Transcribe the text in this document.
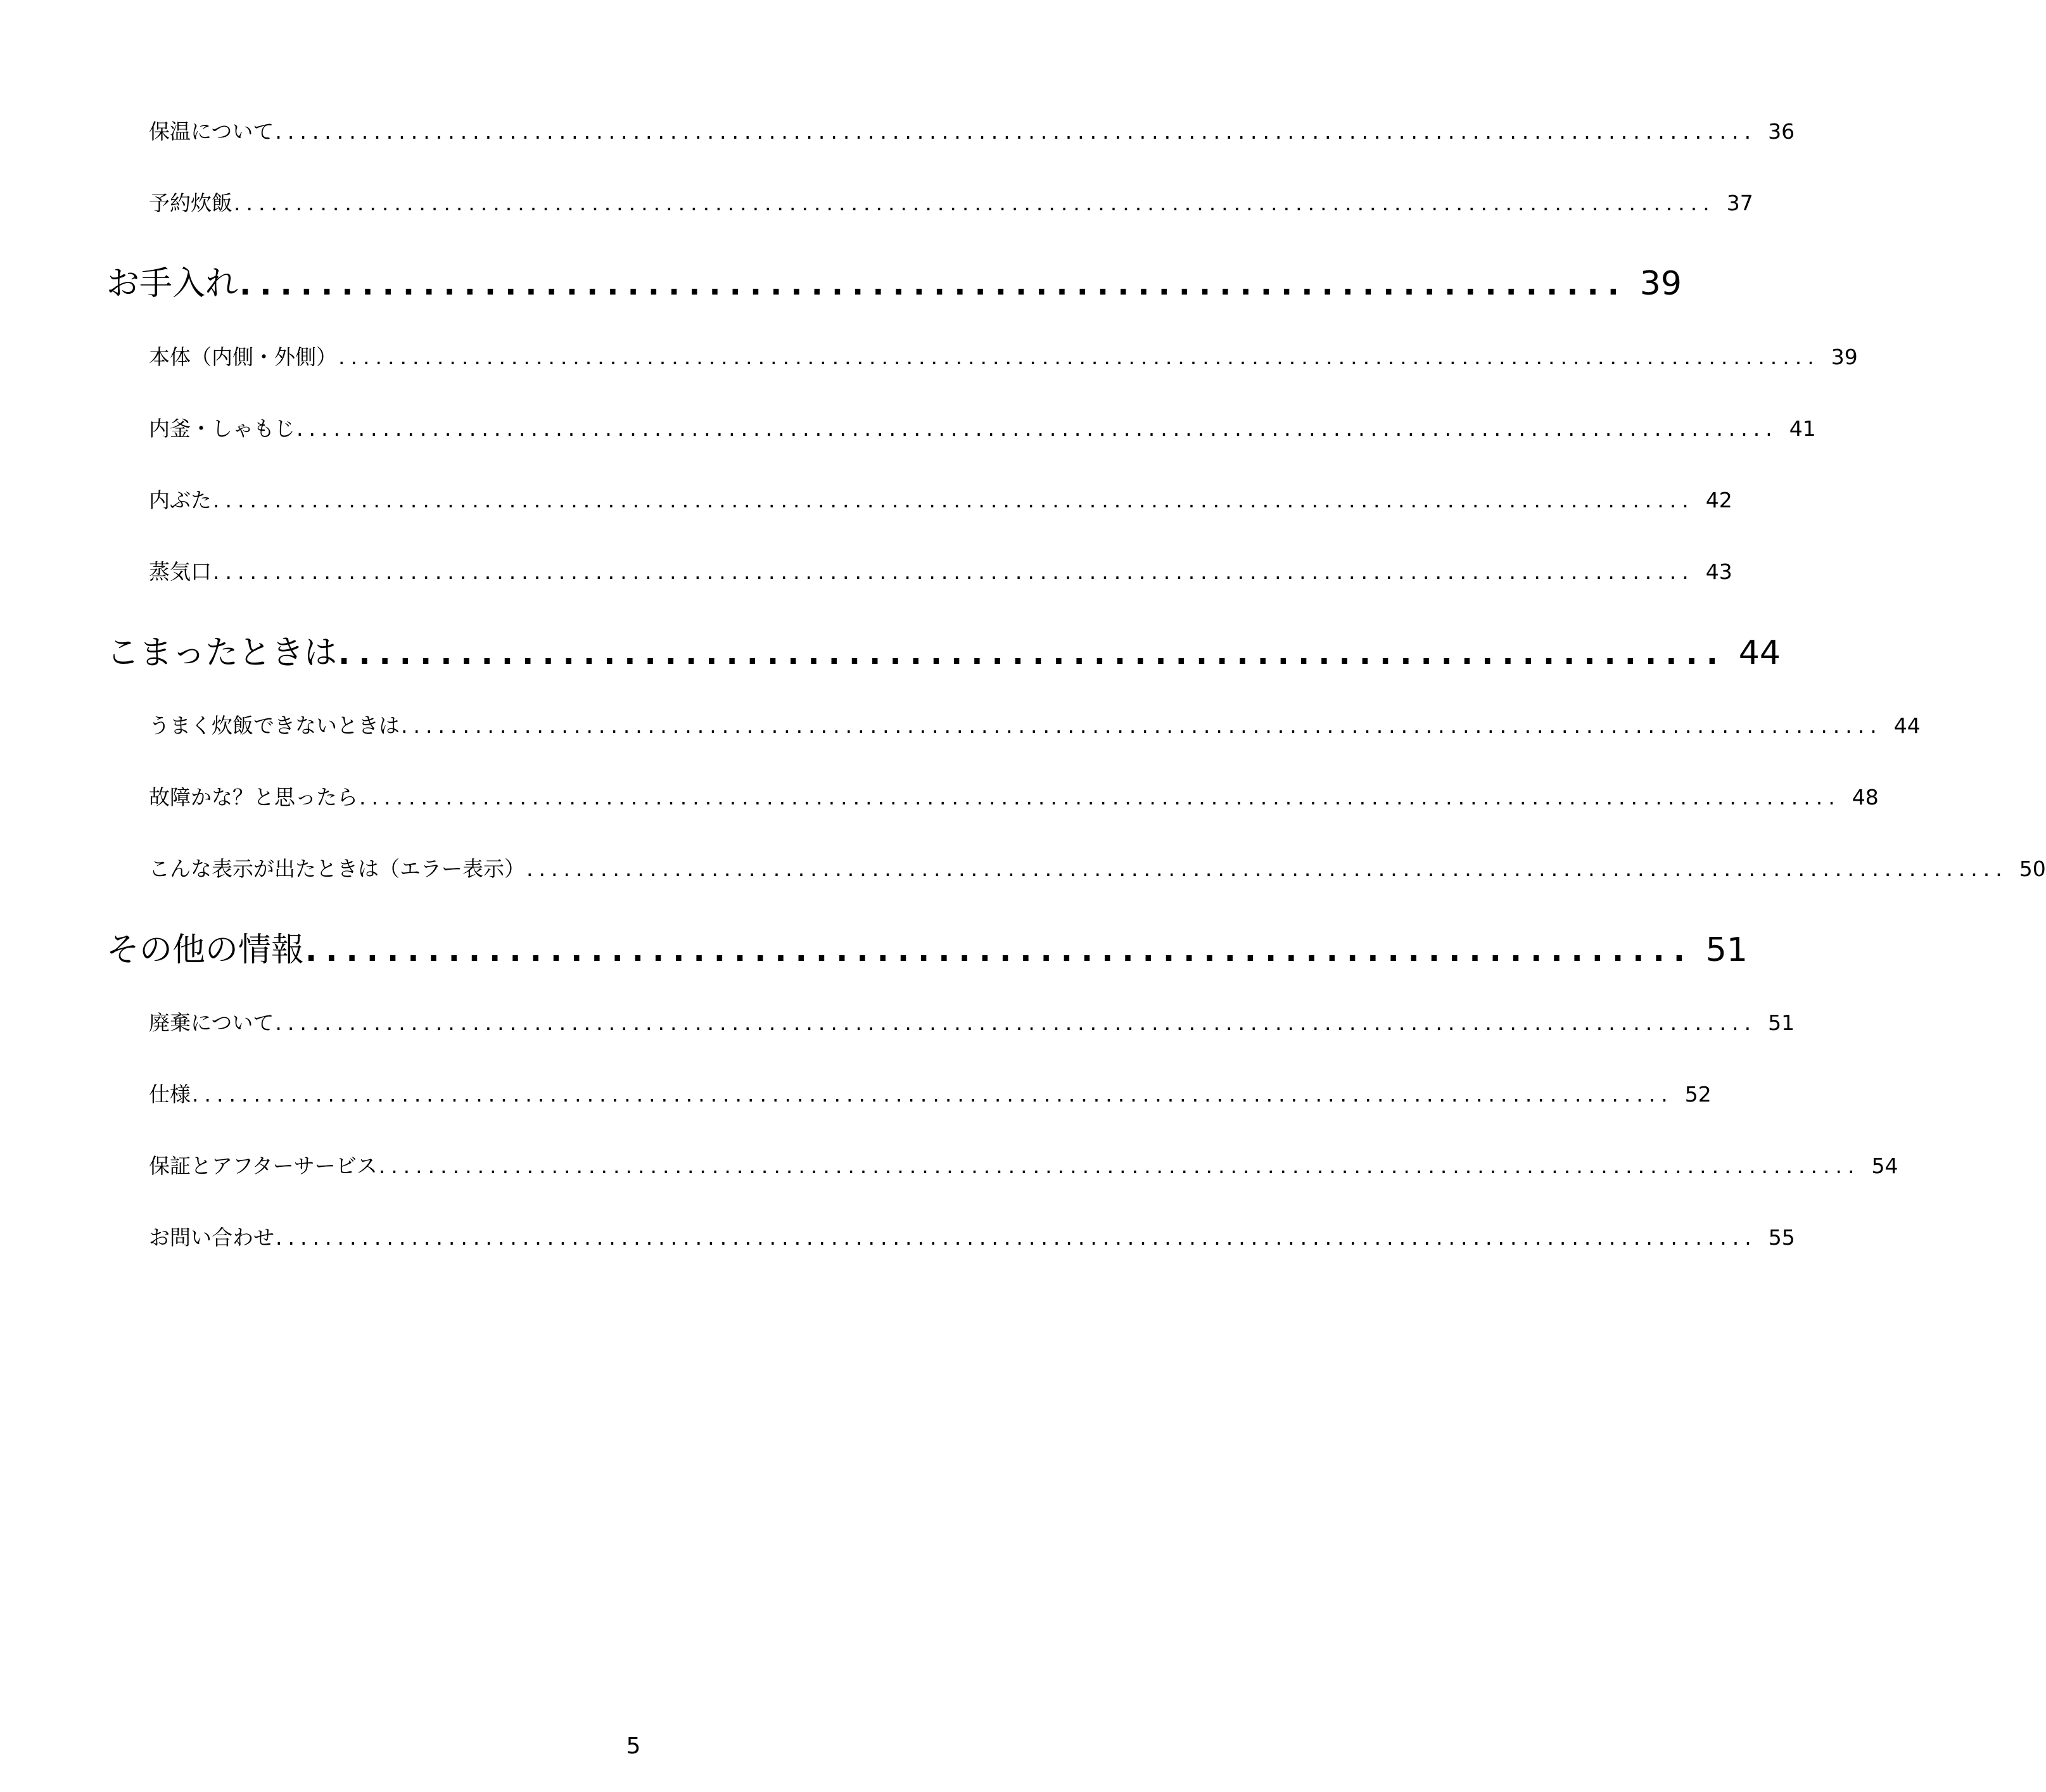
保温について ........................................................................................................................ 36
予約炊飯 ........................................................................................................................ 37
お手入れ .................................................................... 39
本体（内側・外側） ........................................................................................................................ 39
内釜・しゃもじ ........................................................................................................................ 41
内ぶた ........................................................................................................................ 42
蒸気口 ........................................................................................................................ 43
こまったときは .................................................................... 44
うまく炊飯できないときは ........................................................................................................................ 44
故障かな？と思ったら ........................................................................................................................ 48
こんな表示が出たときは（エラー表示） ........................................................................................................................ 50
その他の情報 .................................................................... 51
廃棄について ........................................................................................................................ 51
仕様 ........................................................................................................................ 52
保証とアフターサービス ........................................................................................................................ 54
お問い合わせ ........................................................................................................................ 55
5
